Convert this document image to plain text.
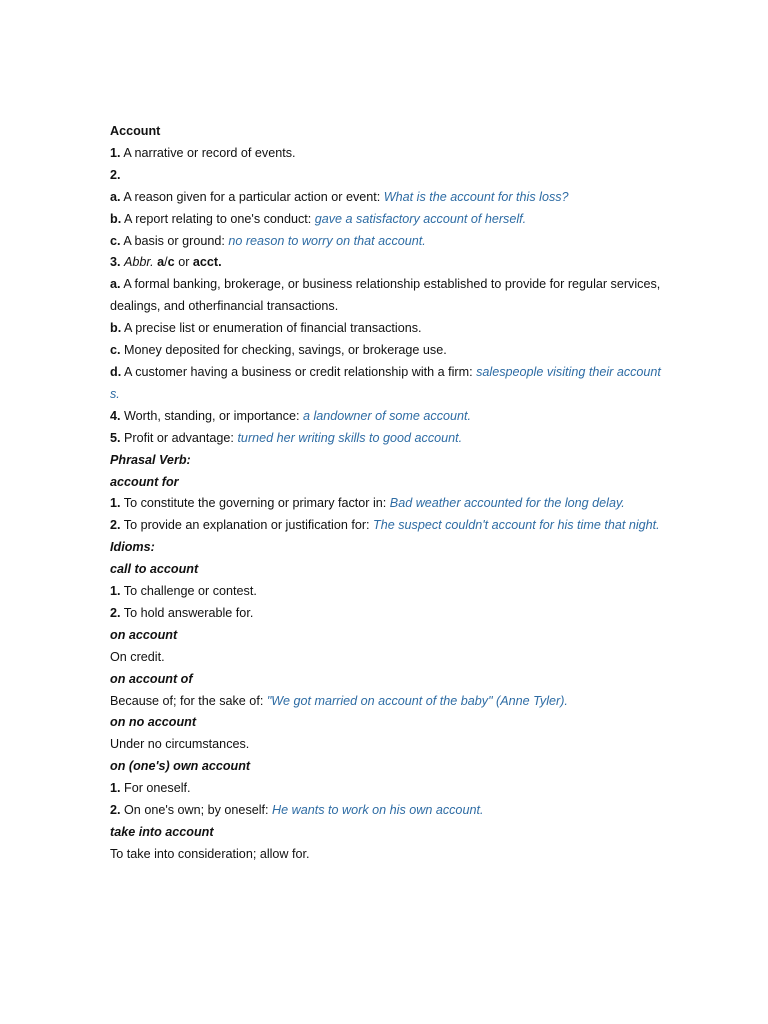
Account
1. A narrative or record of events.
2.
a. A reason given for a particular action or event: What is the account for this loss?
b. A report relating to one's conduct: gave a satisfactory account of herself.
c. A basis or ground: no reason to worry on that account.
3. Abbr. a/c or acct.
a. A formal banking, brokerage, or business relationship established to provide for regular services, dealings, and otherfinancial transactions.
b. A precise list or enumeration of financial transactions.
c. Money deposited for checking, savings, or brokerage use.
d. A customer having a business or credit relationship with a firm: salespeople visiting their accounts.
4. Worth, standing, or importance: a landowner of some account.
5. Profit or advantage: turned her writing skills to good account.
Phrasal Verb:
account for
1. To constitute the governing or primary factor in: Bad weather accounted for the long delay.
2. To provide an explanation or justification for: The suspect couldn't account for his time that night.
Idioms:
call to account
1. To challenge or contest.
2. To hold answerable for.
on account
On credit.
on account of
Because of; for the sake of: "We got married on account of the baby" (Anne Tyler).
on no account
Under no circumstances.
on (one's) own account
1. For oneself.
2. On one's own; by oneself: He wants to work on his own account.
take into account
To take into consideration; allow for.
